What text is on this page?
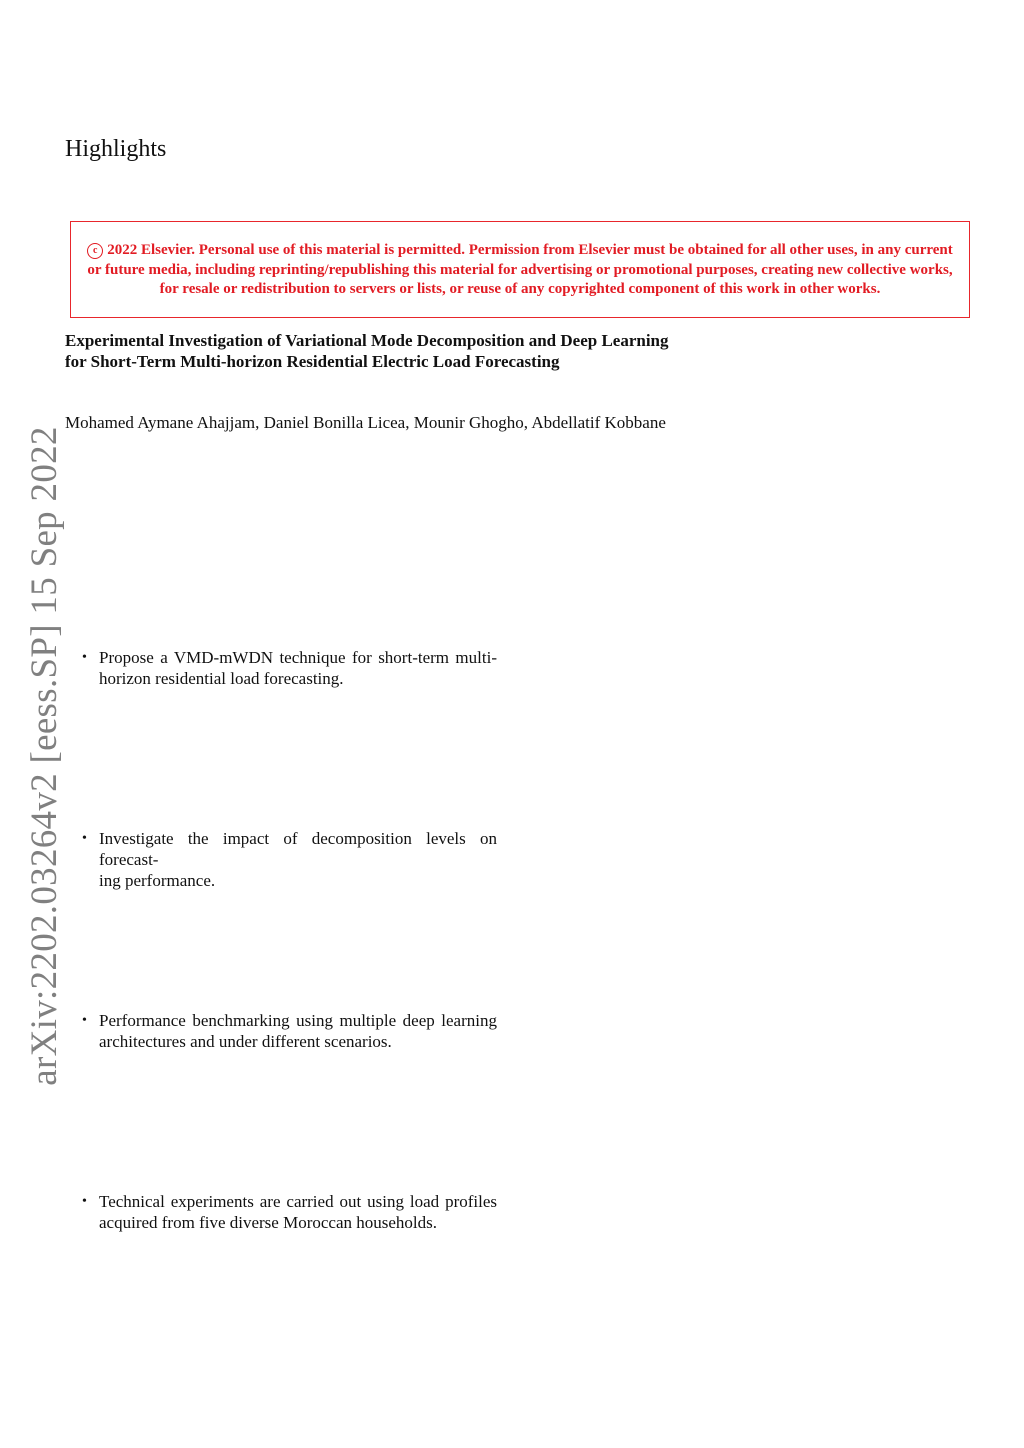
Highlights
c 2022 Elsevier. Personal use of this material is permitted. Permission from Elsevier must be obtained for all other uses, in any current
or future media, including reprinting/republishing this material for advertising or promotional purposes, creating new collective works,
for resale or redistribution to servers or lists, or reuse of any copyrighted component of this work in other works.
Experimental Investigation of Variational Mode Decomposition and Deep Learning
for Short-Term Multi-horizon Residential Electric Load Forecasting
Mohamed Aymane Ahajjam, Daniel Bonilla Licea, Mounir Ghogho, Abdellatif Kobbane
arXiv:2202.03264v2 [eess.SP] 15 Sep 2022 • Propose a VMD-mWDN technique for short-term multi-
horizon residential load forecasting.
• Investigate the impact of decomposition levels on forecast-
ing performance.
• Performance benchmarking using multiple deep learning
architectures and under different scenarios.
• Technical experiments are carried out using load profiles
acquired from five diverse Moroccan households.
